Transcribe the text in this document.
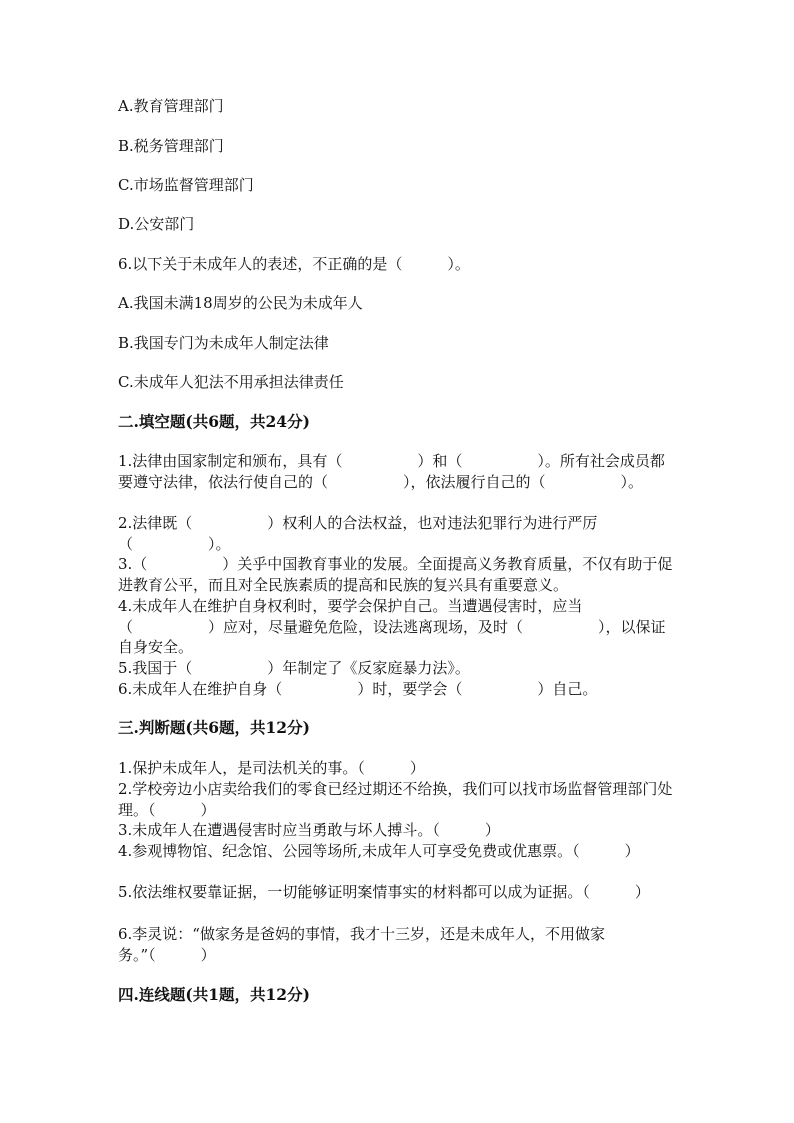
A.教育管理部门
B.税务管理部门
C.市场监督管理部门
D.公安部门
6.以下关于未成年人的表述，不正确的是（　　　）。
A.我国未满18周岁的公民为未成年人
B.我国专门为未成年人制定法律
C.未成年人犯法不用承担法律责任
二.填空题(共6题，共24分)
1.法律由国家制定和颁布，具有（　　　　　）和（　　　　　）。所有社会成员都要遵守法律，依法行使自己的（　　　　　），依法履行自己的（　　　　　）。
2.法律既（　　　　　）权利人的合法权益，也对违法犯罪行为进行严厉（　　　　　）。
3.（　　　　　）关乎中国教育事业的发展。全面提高义务教育质量，不仅有助于促进教育公平，而且对全民族素质的提高和民族的复兴具有重要意义。
4.未成年人在维护自身权利时，要学会保护自己。当遭遇侵害时，应当（　　　　　）应对，尽量避免危险，设法逃离现场，及时（　　　　　），以保证自身安全。
5.我国于（　　　　　）年制定了《反家庭暴力法》。
6.未成年人在维护自身（　　　　　）时，要学会（　　　　　）自己。
三.判断题(共6题，共12分)
1.保护未成年人，是司法机关的事。（　　　）
2.学校旁边小店卖给我们的零食已经过期还不给换，我们可以找市场监督管理部门处理。（　　　）
3.未成年人在遭遇侵害时应当勇敢与坏人搏斗。（　　　）
4.参观博物馆、纪念馆、公园等场所,未成年人可享受免费或优惠票。（　　　）
5.依法维权要靠证据，一切能够证明案情事实的材料都可以成为证据。（　　　）
6.李灵说：“做家务是爸妈的事情，我才十三岁，还是未成年人，不用做家务。”（　　　）
四.连线题(共1题，共12分)
